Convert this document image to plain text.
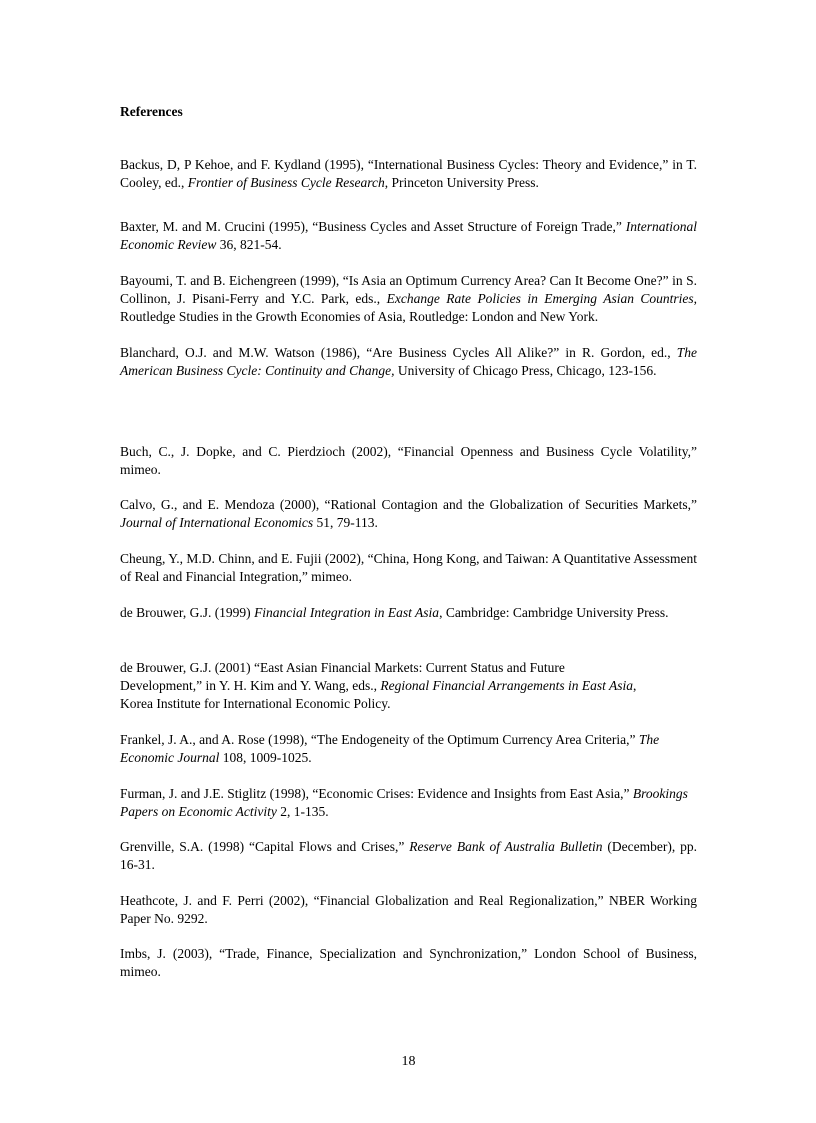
References

Backus, D, P Kehoe, and F. Kydland (1995), “International Business Cycles: Theory and Evidence,” in T. Cooley, ed., Frontier of Business Cycle Research, Princeton University Press.

Baxter, M. and M. Crucini (1995), “Business Cycles and Asset Structure of Foreign Trade,” International Economic Review 36, 821-54.

Bayoumi, T. and B. Eichengreen (1999), “Is Asia an Optimum Currency Area? Can It Become One?” in S. Collinon, J. Pisani-Ferry and Y.C. Park, eds., Exchange Rate Policies in Emerging Asian Countries, Routledge Studies in the Growth Economies of Asia, Routledge: London and New York.

Blanchard, O.J. and M.W. Watson (1986), “Are Business Cycles All Alike?” in R. Gordon, ed., The American Business Cycle: Continuity and Change, University of Chicago Press, Chicago, 123-156.

Buch, C., J. Dopke, and C. Pierdzioch (2002), “Financial Openness and Business Cycle Volatility,” mimeo.

Calvo, G., and E. Mendoza (2000), “Rational Contagion and the Globalization of Securities Markets,” Journal of International Economics 51, 79-113.

Cheung, Y., M.D. Chinn, and E. Fujii (2002), “China, Hong Kong, and Taiwan: A Quantitative Assessment of Real and Financial Integration,” mimeo.

de Brouwer, G.J. (1999) Financial Integration in East Asia, Cambridge: Cambridge University Press.

de Brouwer, G.J. (2001) “East Asian Financial Markets: Current Status and Future Development,” in Y. H. Kim and Y. Wang, eds., Regional Financial Arrangements in East Asia, Korea Institute for International Economic Policy.

Frankel, J. A., and A. Rose (1998), “The Endogeneity of the Optimum Currency Area Criteria,” The Economic Journal 108, 1009-1025.

Furman, J. and J.E. Stiglitz (1998), “Economic Crises: Evidence and Insights from East Asia,” Brookings Papers on Economic Activity 2, 1-135.

Grenville, S.A. (1998) “Capital Flows and Crises,” Reserve Bank of Australia Bulletin (December), pp. 16-31.

Heathcote, J. and F. Perri (2002), “Financial Globalization and Real Regionalization,” NBER Working Paper No. 9292.

Imbs, J. (2003), “Trade, Finance, Specialization and Synchronization,” London School of Business, mimeo.

18
